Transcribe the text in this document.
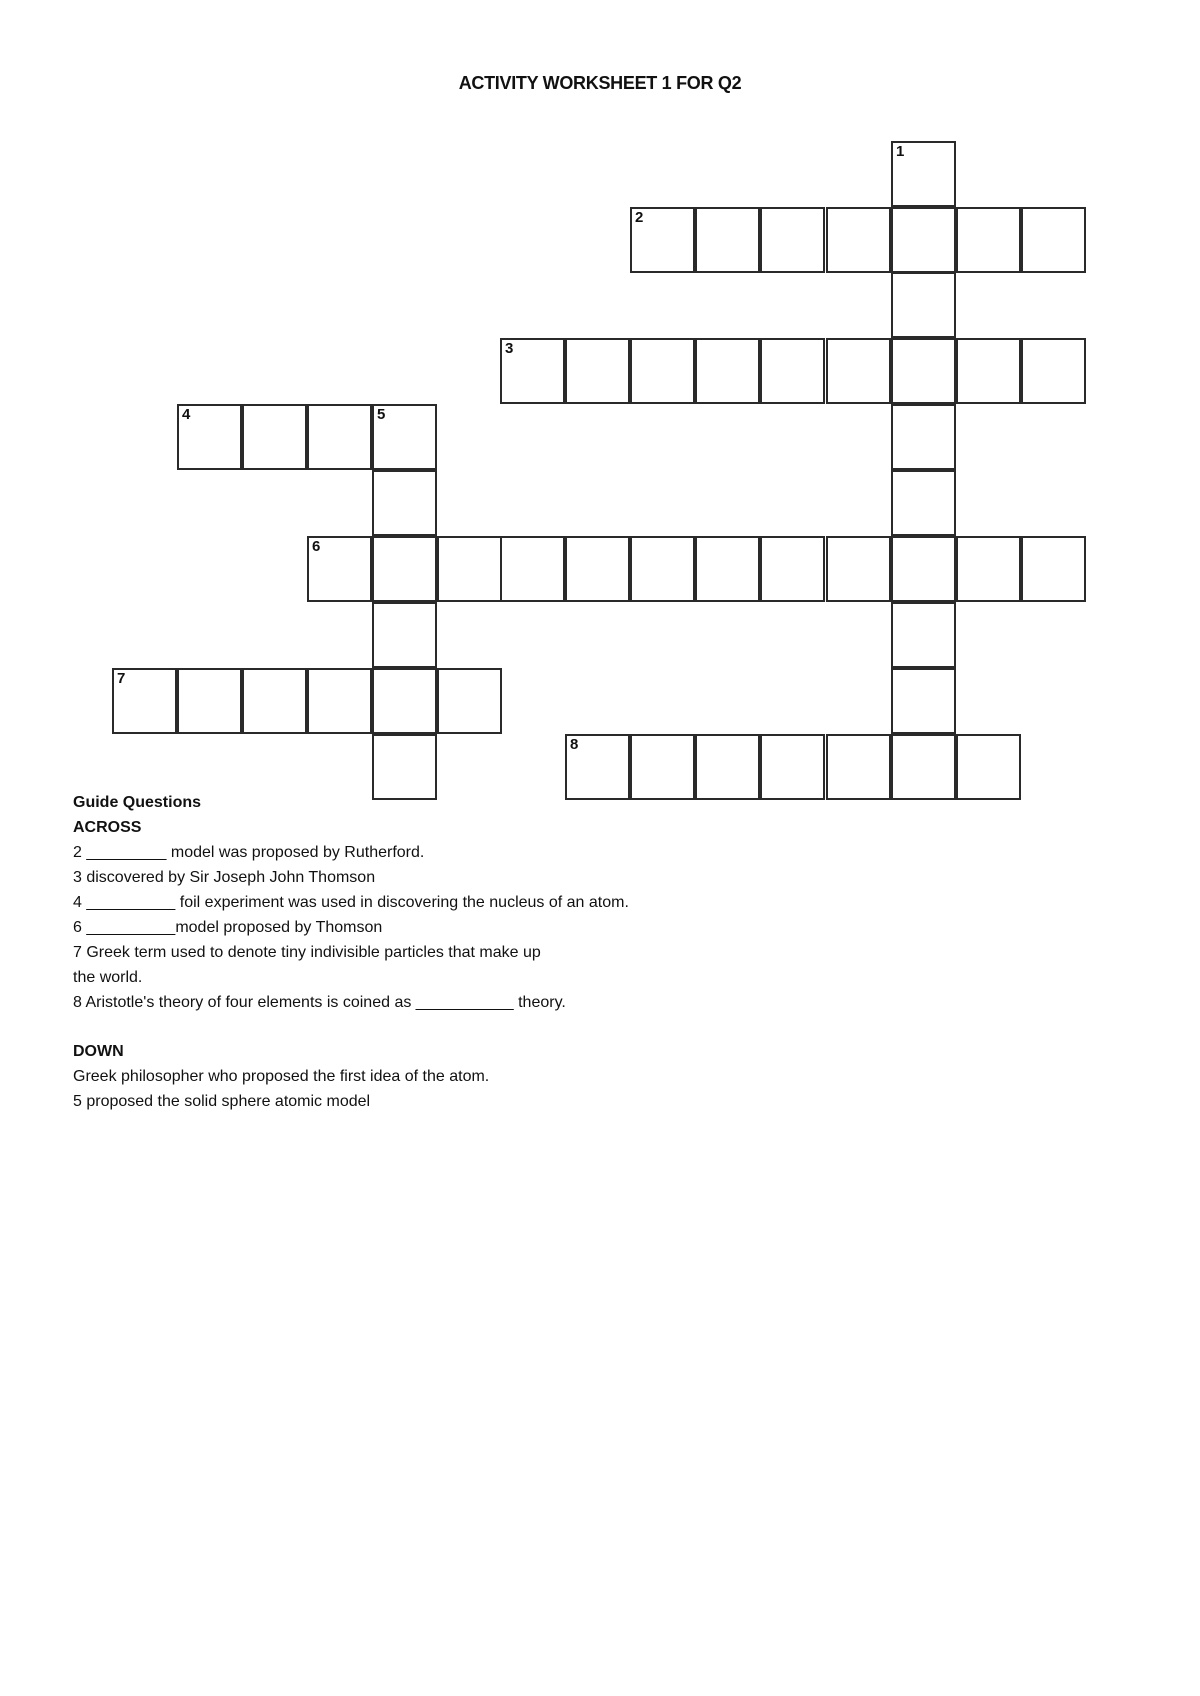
ACTIVITY WORKSHEET 1 FOR Q2
1
2
3
4	5
6
7
8
Guide Questions
ACROSS
2 _________ model was proposed by Rutherford.
3 discovered by Sir Joseph John Thomson
4 __________ foil experiment was used in discovering the nucleus of an atom.
6 __________model proposed by Thomson
7 Greek term used to denote tiny indivisible particles that make up
the world.
8 Aristotle's theory of four elements is coined as ___________ theory.
DOWN
Greek philosopher who proposed the first idea of the atom.
5 proposed the solid sphere atomic model
